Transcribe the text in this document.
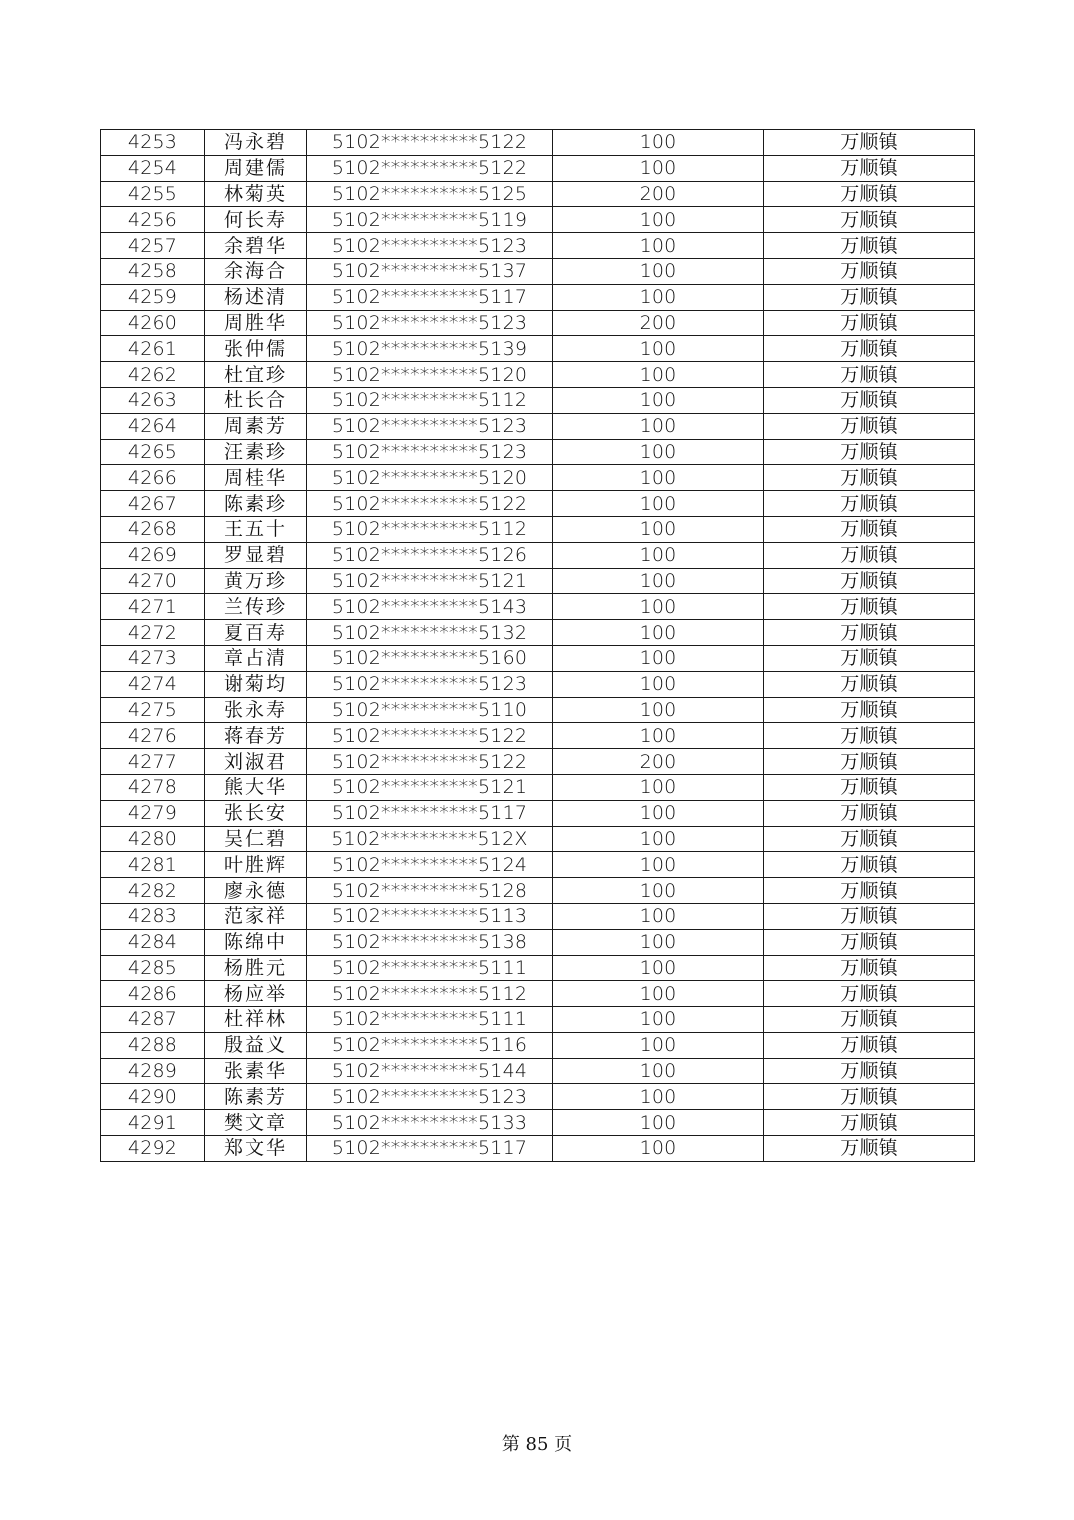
4253	冯永碧	5102**********5122	100	万顺镇
4254	周建儒	5102**********5122	100	万顺镇
4255	林菊英	5102**********5125	200	万顺镇
4256	何长寿	5102**********5119	100	万顺镇
4257	余碧华	5102**********5123	100	万顺镇
4258	余海合	5102**********5137	100	万顺镇
4259	杨述清	5102**********5117	100	万顺镇
4260	周胜华	5102**********5123	200	万顺镇
4261	张仲儒	5102**********5139	100	万顺镇
4262	杜宜珍	5102**********5120	100	万顺镇
4263	杜长合	5102**********5112	100	万顺镇
4264	周素芳	5102**********5123	100	万顺镇
4265	汪素珍	5102**********5123	100	万顺镇
4266	周桂华	5102**********5120	100	万顺镇
4267	陈素珍	5102**********5122	100	万顺镇
4268	王五十	5102**********5112	100	万顺镇
4269	罗显碧	5102**********5126	100	万顺镇
4270	黄万珍	5102**********5121	100	万顺镇
4271	兰传珍	5102**********5143	100	万顺镇
4272	夏百寿	5102**********5132	100	万顺镇
4273	章占清	5102**********5160	100	万顺镇
4274	谢菊均	5102**********5123	100	万顺镇
4275	张永寿	5102**********5110	100	万顺镇
4276	蒋春芳	5102**********5122	100	万顺镇
4277	刘淑君	5102**********5122	200	万顺镇
4278	熊大华	5102**********5121	100	万顺镇
4279	张长安	5102**********5117	100	万顺镇
4280	吴仁碧	5102**********512X	100	万顺镇
4281	叶胜辉	5102**********5124	100	万顺镇
4282	廖永德	5102**********5128	100	万顺镇
4283	范家祥	5102**********5113	100	万顺镇
4284	陈绵中	5102**********5138	100	万顺镇
4285	杨胜元	5102**********5111	100	万顺镇
4286	杨应举	5102**********5112	100	万顺镇
4287	杜祥林	5102**********5111	100	万顺镇
4288	殷益义	5102**********5116	100	万顺镇
4289	张素华	5102**********5144	100	万顺镇
4290	陈素芳	5102**********5123	100	万顺镇
4291	樊文章	5102**********5133	100	万顺镇
4292	郑文华	5102**********5117	100	万顺镇
第 85 页
